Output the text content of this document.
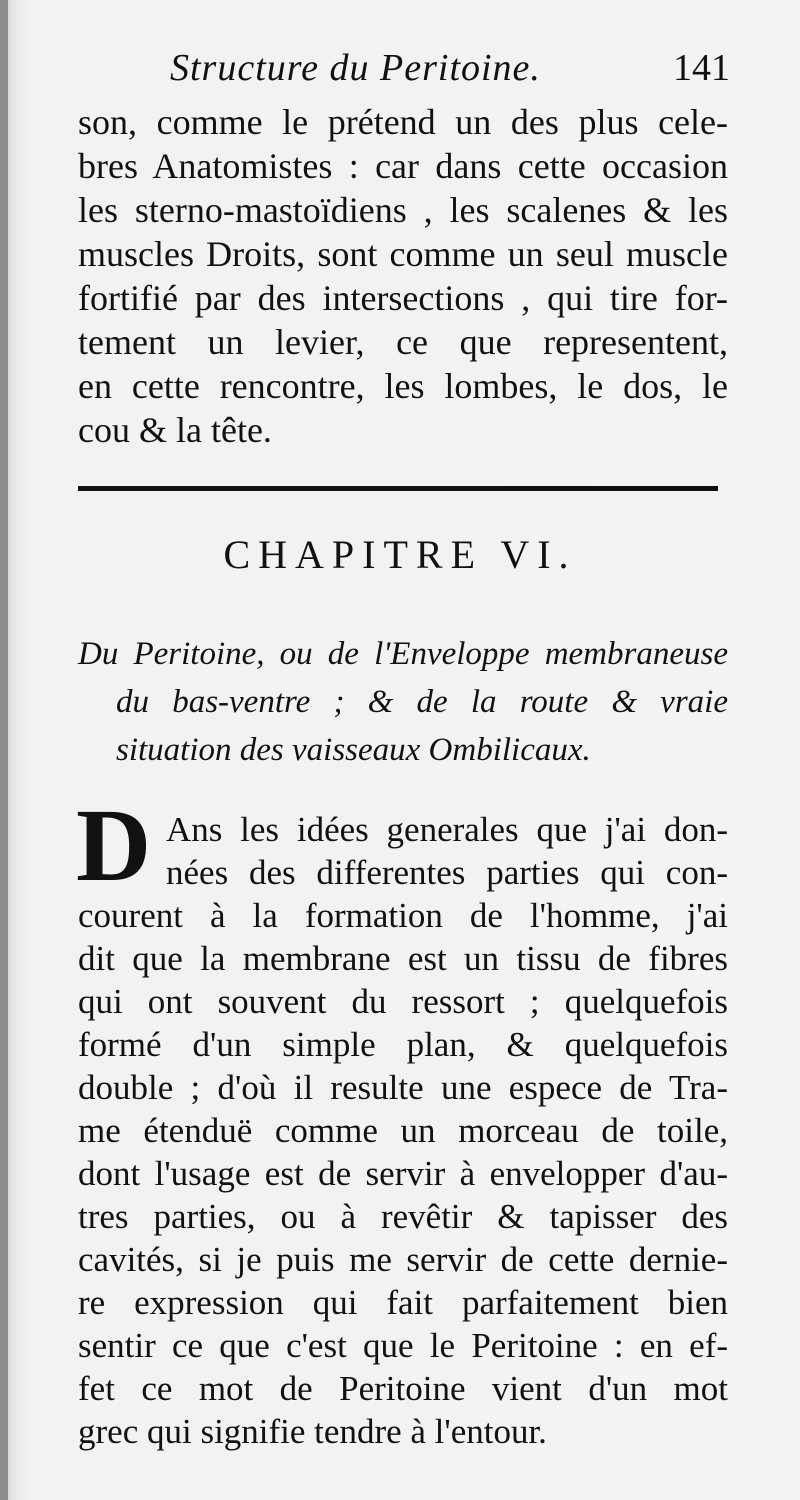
Structure du Peritoine.	141
son, comme le prétend un des plus cele-
bres Anatomistes : car dans cette occasion
les sterno-mastoïdiens , les scalenes & les
muscles Droits, sont comme un seul muscle
fortifié par des intersections , qui tire for-
tement un levier, ce que representent,
en cette rencontre, les lombes, le dos, le
cou & la tête.
CHAPITRE VI.
Du Peritoine, ou de l'Enveloppe membraneuse
du bas-ventre ; & de la route & vraie
situation des vaisseaux Ombilicaux.
D Ans les idées generales que j'ai don-
nées des differentes parties qui con-
courent à la formation de l'homme, j'ai
dit que la membrane est un tissu de fibres
qui ont souvent du ressort ; quelquefois
formé d'un simple plan, & quelquefois
double ; d'où il resulte une espece de Tra-
me étenduë comme un morceau de toile,
dont l'usage est de servir à envelopper d'au-
tres parties, ou à revêtir & tapisser des
cavités, si je puis me servir de cette dernie-
re expression qui fait parfaitement bien
sentir ce que c'est que le Peritoine : en ef-
fet ce mot de Peritoine vient d'un mot
grec qui signifie tendre à l'entour.
